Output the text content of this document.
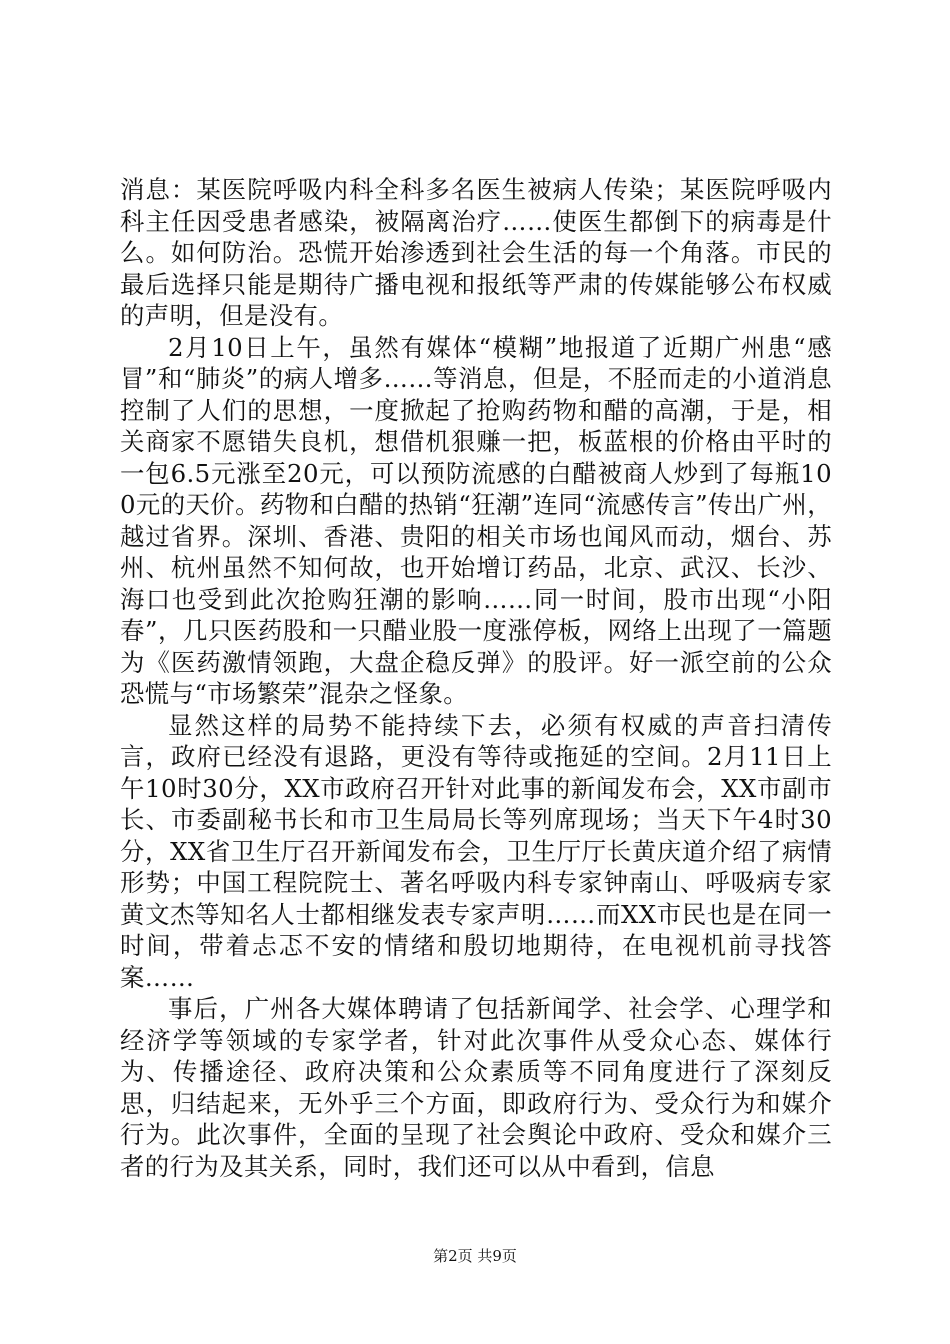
消息：某医院呼吸内科全科多名医生被病人传染；某医院呼吸内科主任因受患者感染，被隔离治疗……使医生都倒下的病毒是什么。如何防治。恐慌开始渗透到社会生活的每一个角落。市民的最后选择只能是期待广播电视和报纸等严肃的传媒能够公布权威的声明，但是没有。

2月10日上午，虽然有媒体“模糊”地报道了近期广州患“感冒”和“肺炎”的病人增多……等消息，但是，不胫而走的小道消息控制了人们的思想，一度掀起了抢购药物和醋的高潮，于是，相关商家不愿错失良机，想借机狠赚一把，板蓝根的价格由平时的一包6.5元涨至20元，可以预防流感的白醋被商人炒到了每瓶100元的天价。药物和白醋的热销“狂潮”连同“流感传言”传出广州，越过省界。深圳、香港、贵阳的相关市场也闻风而动，烟台、苏州、杭州虽然不知何故，也开始增订药品，北京、武汉、长沙、海口也受到此次抢购狂潮的影响……同一时间，股市出现“小阳春”，几只医药股和一只醋业股一度涨停板，网络上出现了一篇题为《医药激情领跑，大盘企稳反弹》的股评。好一派空前的公众恐慌与“市场繁荣”混杂之怪象。

显然这样的局势不能持续下去，必须有权威的声音扫清传言，政府已经没有退路，更没有等待或拖延的空间。2月11日上午10时30分，XX市政府召开针对此事的新闻发布会，XX市副市长、市委副秘书长和市卫生局局长等列席现场；当天下午4时30分，XX省卫生厅召开新闻发布会，卫生厅厅长黄庆道介绍了病情形势；中国工程院院士、著名呼吸内科专家钟南山、呼吸病专家黄文杰等知名人士都相继发表专家声明……而XX市民也是在同一时间，带着忐忑不安的情绪和殷切地期待，在电视机前寻找答案……

事后，广州各大媒体聘请了包括新闻学、社会学、心理学和经济学等领域的专家学者，针对此次事件从受众心态、媒体行为、传播途径、政府决策和公众素质等不同角度进行了深刻反思，归结起来，无外乎三个方面，即政府行为、受众行为和媒介行为。此次事件，全面的呈现了社会舆论中政府、受众和媒介三者的行为及其关系，同时，我们还可以从中看到，信息

第2页 共9页
